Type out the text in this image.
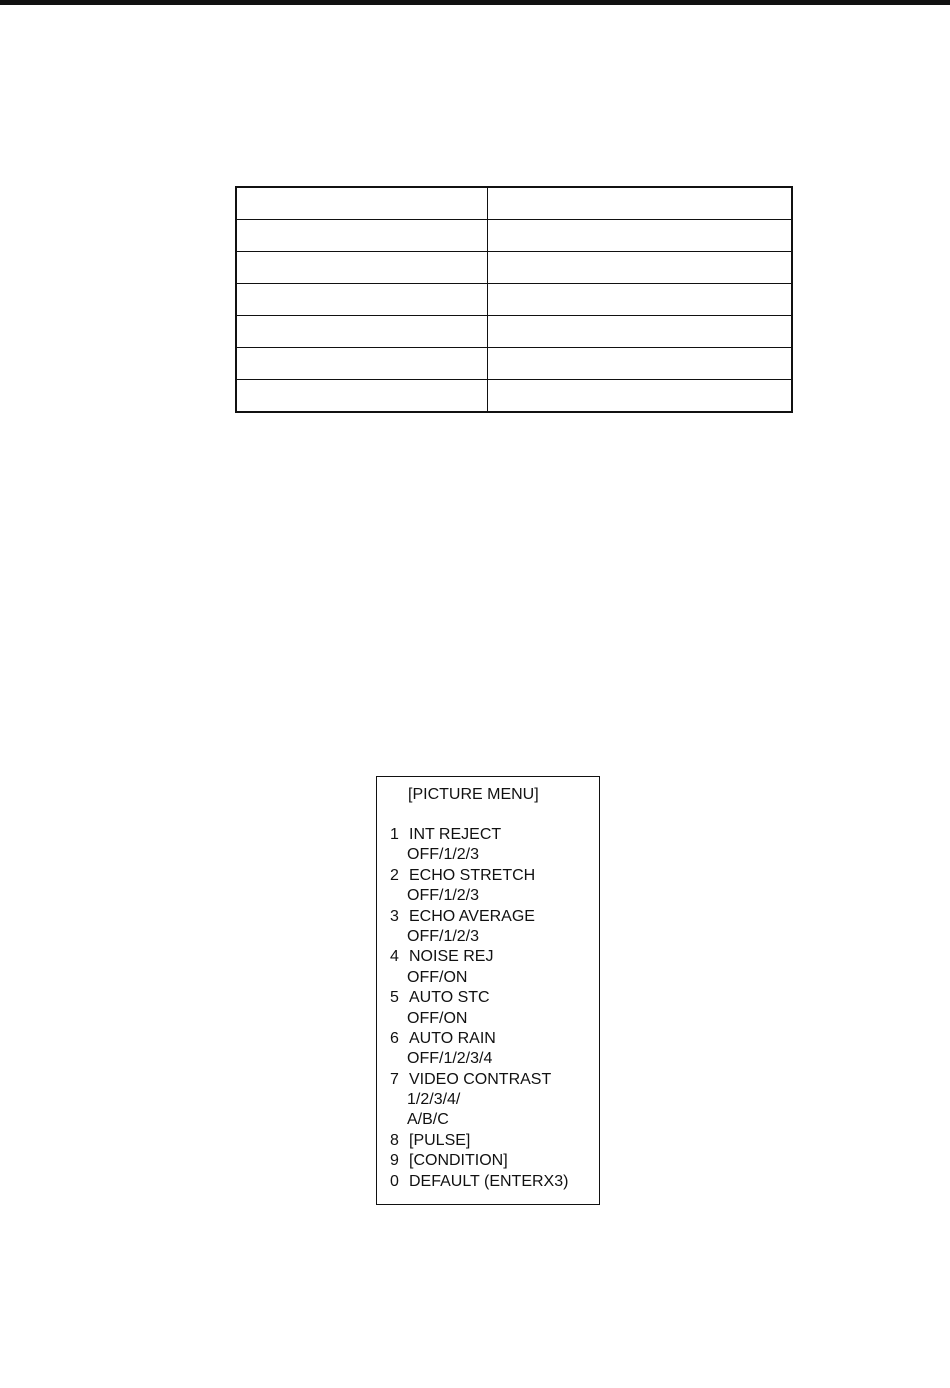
[PICTURE MENU]
1 INT REJECT
OFF/1/2/3
2 ECHO STRETCH
OFF/1/2/3
3 ECHO AVERAGE
OFF/1/2/3
4 NOISE REJ
OFF/ON
5 AUTO STC
OFF/ON
6 AUTO RAIN
OFF/1/2/3/4
7 VIDEO CONTRAST
1/2/3/4/
A/B/C
8 [PULSE]
9 [CONDITION]
0 DEFAULT (ENTERX3)
